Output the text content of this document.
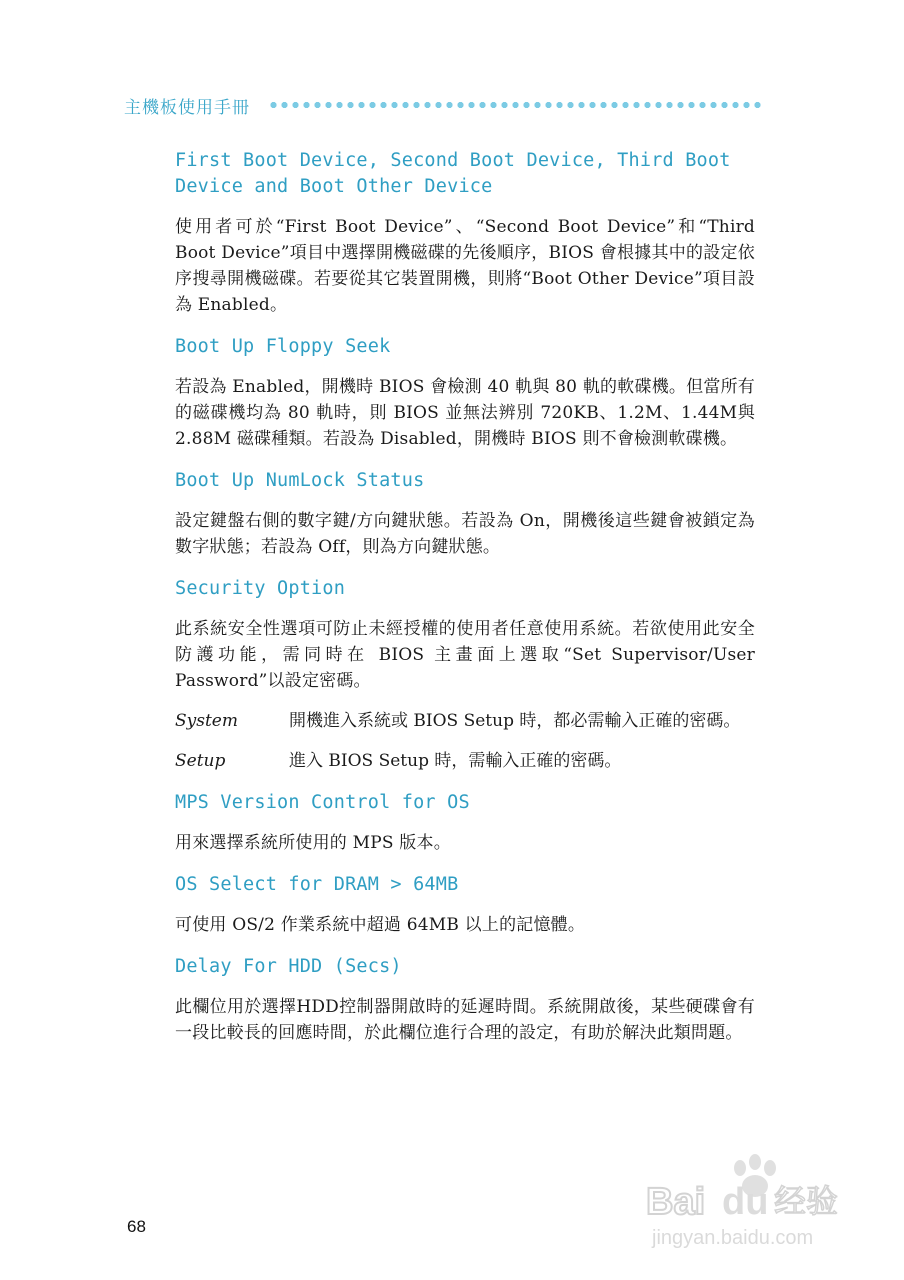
主機板使用手冊
First Boot Device, Second Boot Device, Third Boot Device and Boot Other Device

使用者可於“First Boot Device”、“Second Boot Device”和“Third Boot Device”項目中選擇開機磁碟的先後順序，BIOS 會根據其中的設定依序搜尋開機磁碟。若要從其它裝置開機，則將“Boot Other Device”項目設為 Enabled。

Boot Up Floppy Seek

若設為 Enabled，開機時 BIOS 會檢測 40 軌與 80 軌的軟碟機。但當所有的磁碟機均為 80 軌時，則 BIOS 並無法辨別 720KB、1.2M、1.44M與 2.88M 磁碟種類。若設為 Disabled，開機時 BIOS 則不會檢測軟碟機。

Boot Up NumLock Status

設定鍵盤右側的數字鍵/方向鍵狀態。若設為 On，開機後這些鍵會被鎖定為數字狀態；若設為 Off，則為方向鍵狀態。

Security Option

此系統安全性選項可防止未經授權的使用者任意使用系統。若欲使用此安全防護功能，需同時在 BIOS 主畫面上選取“Set Supervisor/User Password”以設定密碼。

System	開機進入系統或 BIOS Setup 時，都必需輸入正確的密碼。
Setup	進入 BIOS Setup 時，需輸入正確的密碼。
MPS Version Control for OS

用來選擇系統所使用的 MPS 版本。

OS Select for DRAM > 64MB

可使用 OS/2 作業系統中超過 64MB 以上的記憶體。

Delay For HDD (Secs)

此欄位用於選擇HDD控制器開啟時的延遲時間。系統開啟後，某些硬碟會有一段比較長的回應時間，於此欄位進行合理的設定，有助於解決此類問題。

68
Bai du 经验
jingyan.baidu.com
